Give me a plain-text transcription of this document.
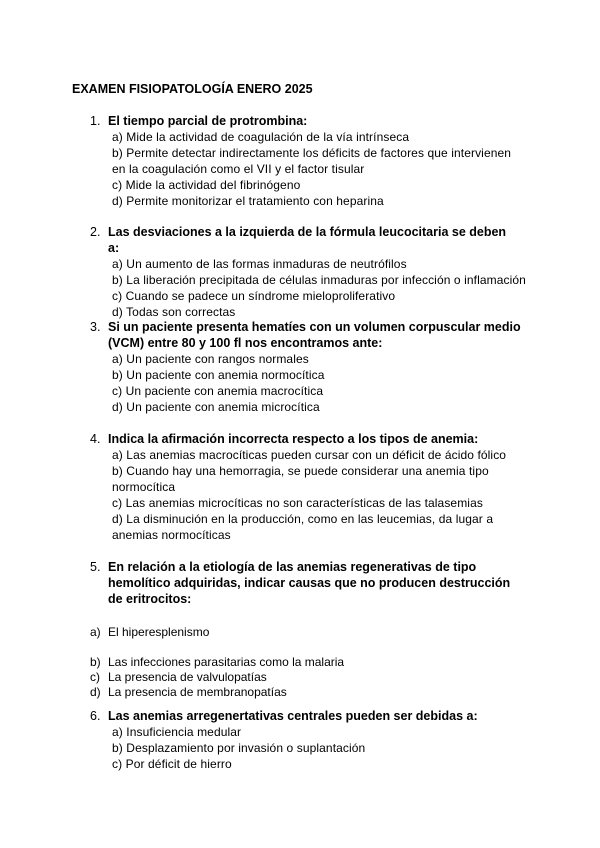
EXAMEN FISIOPATOLOGÍA ENERO 2025
1. El tiempo parcial de protrombina:
a) Mide la actividad de coagulación de la vía intrínseca
b) Permite detectar indirectamente los déficits de factores que intervienen en la coagulación como el VII y el factor tisular
c) Mide la actividad del fibrinógeno
d) Permite monitorizar el tratamiento con heparina
2. Las desviaciones a la izquierda de la fórmula leucocitaria se deben a:
a) Un aumento de las formas inmaduras de neutrófilos
b) La liberación precipitada de células inmaduras por infección o inflamación
c) Cuando se padece un síndrome mieloproliferativo
d) Todas son correctas
3. Si un paciente presenta hematíes con un volumen corpuscular medio (VCM) entre 80 y 100 fl nos encontramos ante:
a) Un paciente con rangos normales
b) Un paciente con anemia normocítica
c) Un paciente con anemia macrocítica
d) Un paciente con anemia microcítica
4. Indica la afirmación incorrecta respecto a los tipos de anemia:
a) Las anemias macrocíticas pueden cursar con un déficit de ácido fólico
b) Cuando hay una hemorragia, se puede considerar una anemia tipo normocítica
c) Las anemias microcíticas no son características de las talasemias
d) La disminución en la producción, como en las leucemias, da lugar a anemias normocíticas
5. En relación a la etiología de las anemias regenerativas de tipo hemolítico adquiridas, indicar causas que no producen destrucción de eritrocitos:
a) El hiperesplenismo
b) Las infecciones parasitarias como la malaria
c) La presencia de valvulopatías
d) La presencia de membranopatías
6. Las anemias arregenertativas centrales pueden ser debidas a:
a) Insuficiencia medular
b) Desplazamiento por invasión o suplantación
c) Por déficit de hierro
